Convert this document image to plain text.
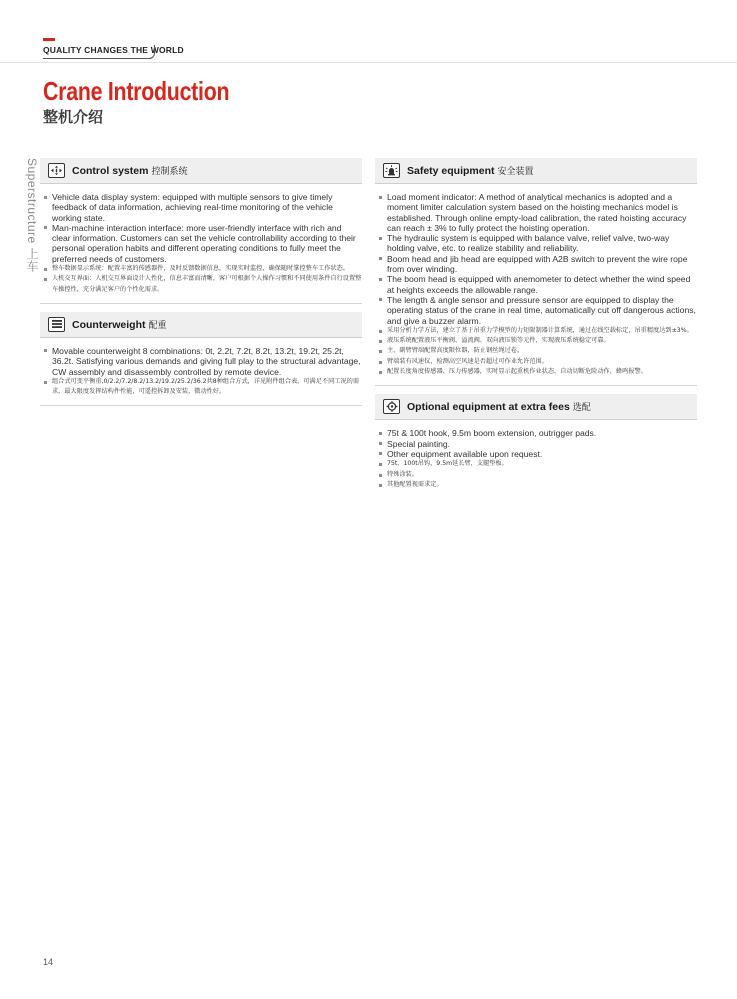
QUALITY CHANGES THE WORLD
Crane Introduction
整机介绍
Superstructure 上车	Control system 控制系统
Vehicle data display system: equipped with multiple sensors to give timely feedback of data information, achieving real-time monitoring of the vehicle working state.
Man-machine interaction interface: more user-friendly interface with rich and clear information. Customers can set the vehicle controllability according to their personal operation habits and different operating conditions to fully meet the preferred needs of customers.
整车数据显示系统：配置丰富的传感器件，及时反馈数据信息，实现实时监控，确保随时掌控整车工作状态。
人机交互界面：人机交互界面设计人性化，信息丰富而清晰，客户可根据个人操作习惯和不同使用条件自行设置整车操控性，充分满足客户的个性化需求。
Counterweight 配重
Movable counterweight 8 combinations: 0t, 2.2t, 7.2t, 8.2t, 13.2t, 19.2t, 25.2t, 36.2t. Satisfying various demands and giving full play to the structural advantage, CW assembly and disassembly controlled by remote device.
组合式可变平衡重,0/2.2/7.2/8.2/13.2/19.2/25.2/36.2共8种组合方式，详见附件组合表，可满足不同工况的需求，最大限度发挥结构件性能，可遥控拆卸及安装，微动性好。
Safety equipment 安全装置
Load moment indicator: A method of analytical mechanics is adopted and a moment limiter calculation system based on the hoisting mechanics model is established. Through online empty-load calibration, the rated hoisting accuracy can reach ± 3% to fully protect the hoisting operation.
The hydraulic system is equipped with balance valve, relief valve, two-way holding valve, etc. to realize stability and reliability.
Boom head and jib head are equipped with A2B switch to prevent the wire rope from over winding.
The boom head is equipped with anemometer to detect whether the wind speed at heights exceeds the allowable range.
The length & angle sensor and pressure sensor are equipped to display the operating status of the crane in real time, automatically cut off dangerous actions, and give a buzzer alarm.
采用分析力学方法，建立了基于吊重力学模型的力矩限制器计算系统，通过在线空载标定，吊重精度达到±3%。
液压系统配置液压平衡阀、溢流阀、双向液压锁等元件，实现液压系统稳定可靠。
主、副臂臂端配置高度限位器，防止钢丝绳过卷。
臂端装有风速仪，检测高空风速是否超过可作业允许范围。
配置长度角度传感器、压力传感器，实时显示起重机作业状态，自动切断危险动作，蜂鸣报警。
Optional equipment at extra fees 选配
75t & 100t hook, 9.5m boom extension, outrigger pads.
Special painting.
Other equipment available upon request.
75t、100t吊钩，9.5m延长臂，支腿垫板。
特殊涂装。
其他配置视需求定。
14
